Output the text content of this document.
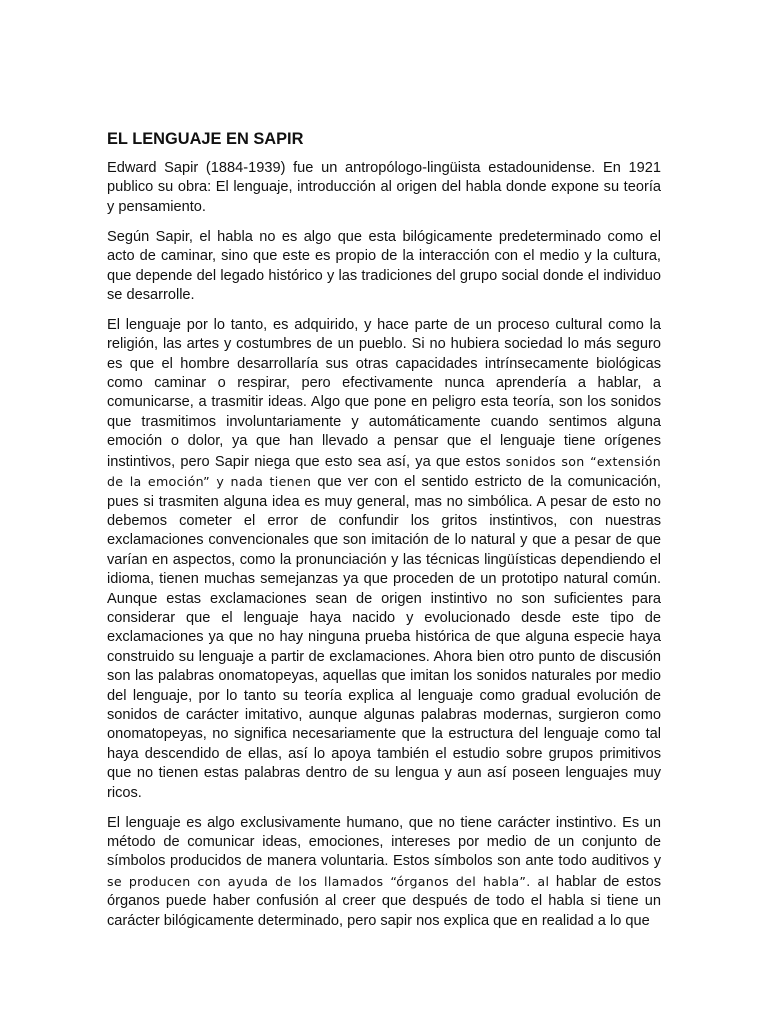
EL LENGUAJE EN SAPIR

Edward Sapir (1884-1939) fue un antropólogo-lingüista estadounidense. En 1921 publico su obra: El lenguaje, introducción al origen del habla donde expone su teoría y pensamiento.

Según Sapir, el habla no es algo que esta bilógicamente predeterminado como el acto de caminar, sino que este es propio de la interacción con el medio y la cultura, que depende del legado histórico y las tradiciones del grupo social donde el individuo se desarrolle.

El lenguaje por lo tanto, es adquirido, y hace parte de un proceso cultural como la religión, las artes y costumbres de un pueblo. Si no hubiera sociedad lo más seguro es que el hombre desarrollaría sus otras capacidades intrínsecamente biológicas como caminar o respirar, pero efectivamente nunca aprendería a hablar, a comunicarse, a trasmitir ideas. Algo que pone en peligro esta teoría, son los sonidos que trasmitimos involuntariamente y automáticamente cuando sentimos alguna emoción o dolor, ya que han llevado a pensar que el lenguaje tiene orígenes instintivos, pero Sapir niega que esto sea así, ya que estos sonidos son “extensión de la emoción” y nada tienen que ver con el sentido estricto de la comunicación, pues si trasmiten alguna idea es muy general, mas no simbólica. A pesar de esto no debemos cometer el error de confundir los gritos instintivos, con nuestras exclamaciones convencionales que son imitación de lo natural y que a pesar de que varían en aspectos, como la pronunciación y las técnicas lingüísticas dependiendo el idioma, tienen muchas semejanzas ya que proceden de un prototipo natural común. Aunque estas exclamaciones sean de origen instintivo no son suficientes para considerar que el lenguaje haya nacido y evolucionado desde este tipo de exclamaciones ya que no hay ninguna prueba histórica de que alguna especie haya construido su lenguaje a partir de exclamaciones. Ahora bien otro punto de discusión son las palabras onomatopeyas, aquellas que imitan los sonidos naturales por medio del lenguaje, por lo tanto su teoría explica al lenguaje como gradual evolución de sonidos de carácter imitativo, aunque algunas palabras modernas, surgieron como onomatopeyas, no significa necesariamente que la estructura del lenguaje como tal haya descendido de ellas, así lo apoya también el estudio sobre grupos primitivos que no tienen estas palabras dentro de su lengua y aun así poseen lenguajes muy ricos.

El lenguaje es algo exclusivamente humano, que no tiene carácter instintivo. Es un método de comunicar ideas, emociones, intereses por medio de un conjunto de símbolos producidos de manera voluntaria. Estos símbolos son ante todo auditivos y se producen con ayuda de los llamados “órganos del habla”. al hablar de estos órganos puede haber confusión al creer que después de todo el habla si tiene un carácter bilógicamente determinado, pero sapir nos explica que en realidad a lo que
